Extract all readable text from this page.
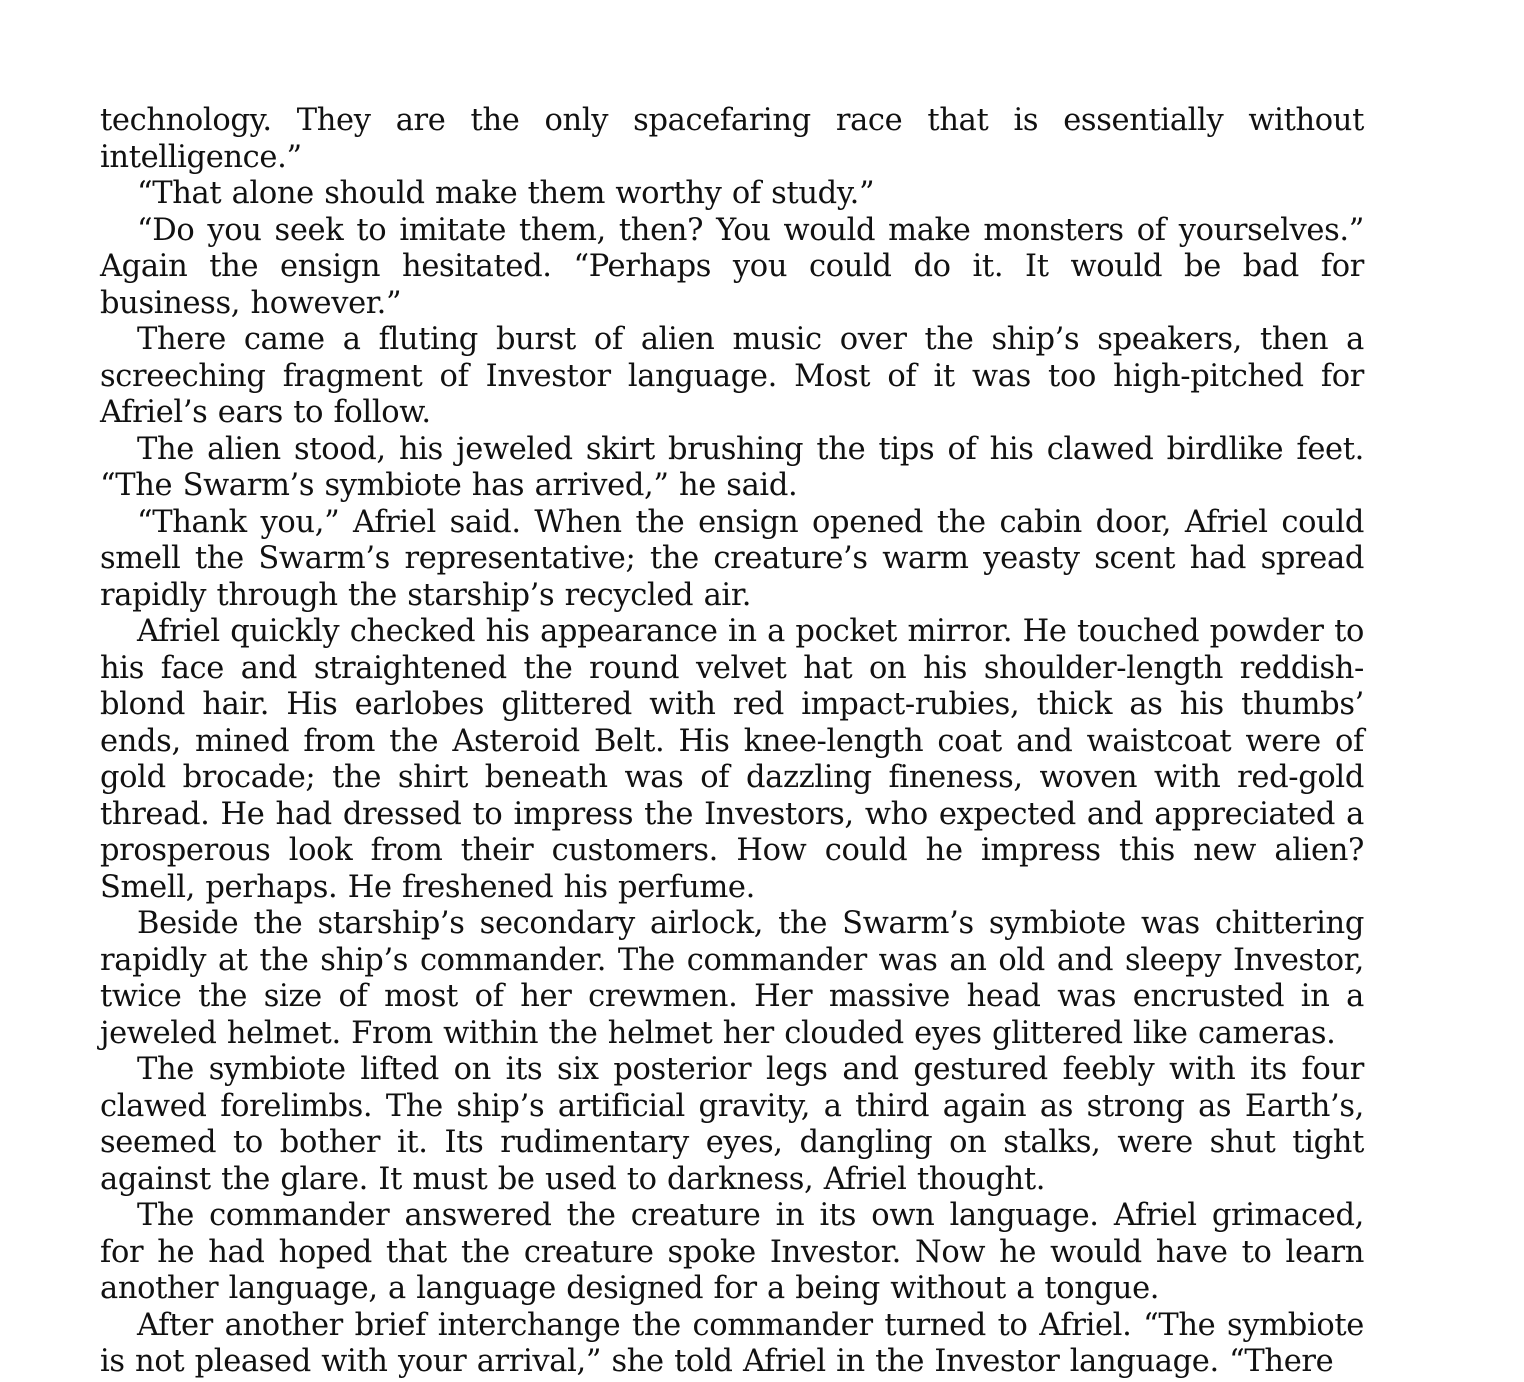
technology. They are the only spacefaring race that is essentially without intelligence.”

“That alone should make them worthy of study.”

“Do you seek to imitate them, then? You would make monsters of yourselves.” Again the ensign hesitated. “Perhaps you could do it. It would be bad for business, however.”

There came a fluting burst of alien music over the ship’s speakers, then a screeching fragment of Investor language. Most of it was too high-pitched for Afriel’s ears to follow.

The alien stood, his jeweled skirt brushing the tips of his clawed birdlike feet. “The Swarm’s symbiote has arrived,” he said.

“Thank you,” Afriel said. When the ensign opened the cabin door, Afriel could smell the Swarm’s representative; the creature’s warm yeasty scent had spread rapidly through the starship’s recycled air.

Afriel quickly checked his appearance in a pocket mirror. He touched powder to his face and straightened the round velvet hat on his shoulder-length reddish-blond hair. His earlobes glittered with red impact-rubies, thick as his thumbs’ ends, mined from the Asteroid Belt. His knee-length coat and waistcoat were of gold brocade; the shirt beneath was of dazzling fineness, woven with red-gold thread. He had dressed to impress the Investors, who expected and appreciated a prosperous look from their customers. How could he impress this new alien? Smell, perhaps. He freshened his perfume.

Beside the starship’s secondary airlock, the Swarm’s symbiote was chittering rapidly at the ship’s commander. The commander was an old and sleepy Investor, twice the size of most of her crewmen. Her massive head was encrusted in a jeweled helmet. From within the helmet her clouded eyes glittered like cameras.

The symbiote lifted on its six posterior legs and gestured feebly with its four clawed forelimbs. The ship’s artificial gravity, a third again as strong as Earth’s, seemed to bother it. Its rudimentary eyes, dangling on stalks, were shut tight against the glare. It must be used to darkness, Afriel thought.

The commander answered the creature in its own language. Afriel grimaced, for he had hoped that the creature spoke Investor. Now he would have to learn another language, a language designed for a being without a tongue.

After another brief interchange the commander turned to Afriel. “The symbiote is not pleased with your arrival,” she told Afriel in the Investor language. “There
